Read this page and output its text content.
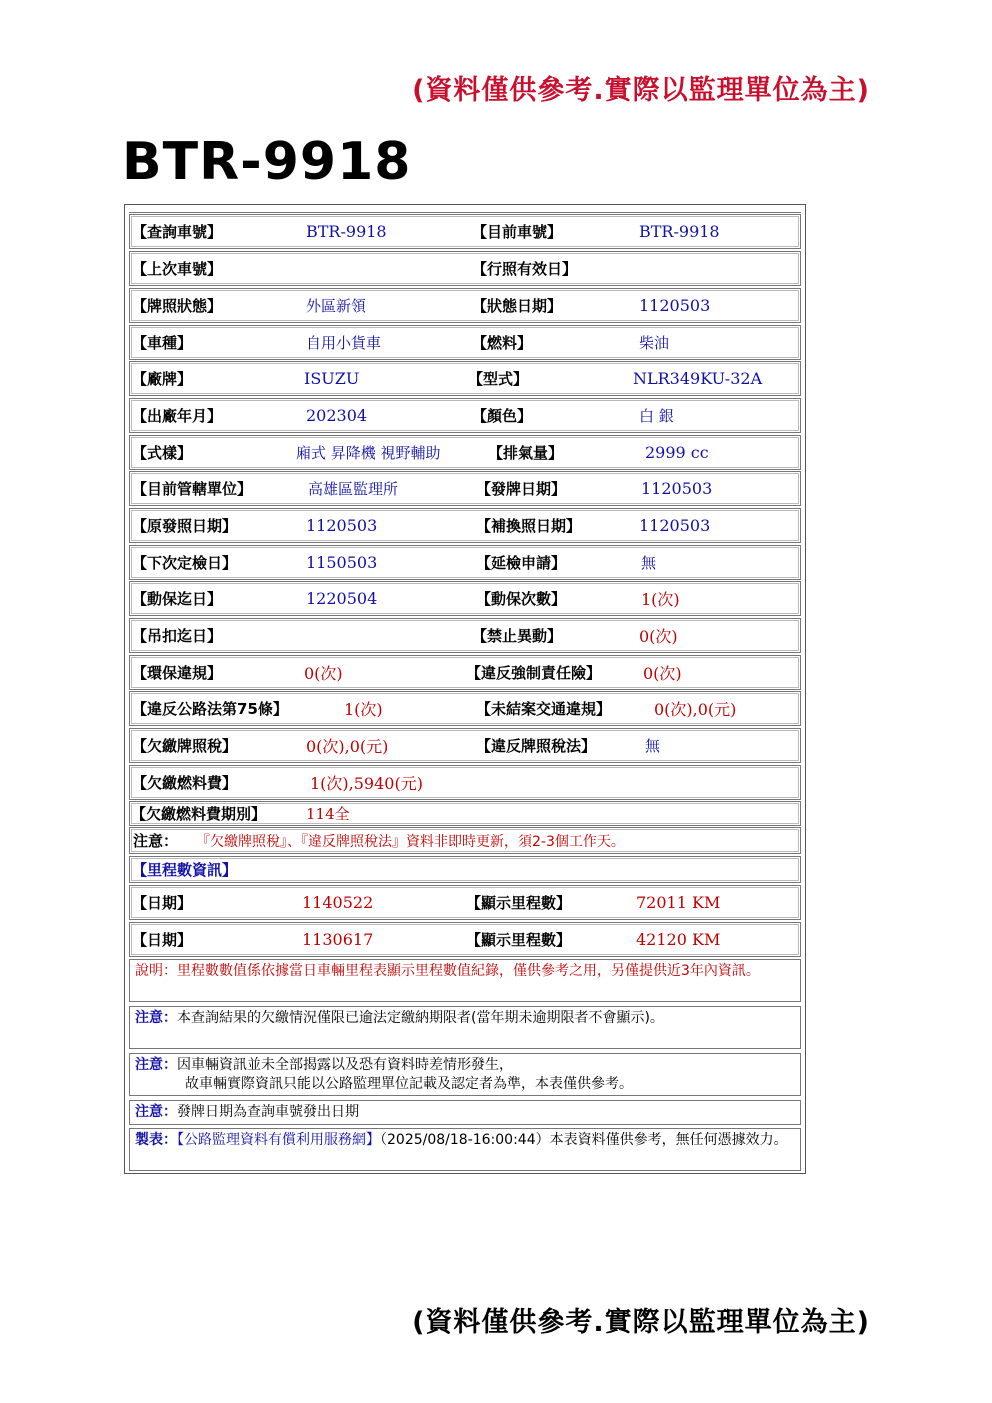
(資料僅供參考.實際以監理單位為主)
BTR-9918
【查詢車號】	BTR-9918	【目前車號】	BTR-9918
【上次車號】	【行照有效日】
【牌照狀態】	外區新領	【狀態日期】	1120503
【車種】	自用小貨車	【燃料】	柴油
【廠牌】	ISUZU	【型式】	NLR349KU-32A
【出廠年月】	202304	【顏色】	白 銀
【式樣】	廂式 昇降機 視野輔助	【排氣量】	2999 cc
【目前管轄單位】	高雄區監理所	【發牌日期】	1120503
【原發照日期】	1120503	【補換照日期】	1120503
【下次定檢日】	1150503	【延檢申請】	無
【動保迄日】	1220504	【動保次數】	1(次)
【吊扣迄日】	【禁止異動】	0(次)
【環保違規】	0(次)	【違反強制責任險】	0(次)
【違反公路法第75條】	1(次)	【未結案交通違規】	0(次),0(元)
【欠繳牌照稅】	0(次),0(元)	【違反牌照稅法】	無
【欠繳燃料費】	1(次),5940(元)
【欠繳燃料費期別】	114全
注意： 『欠繳牌照稅』、『違反牌照稅法』資料非即時更新，須2-3個工作天。
【里程數資訊】
【日期】	1140522	【顯示里程數】	72011 KM
【日期】	1130617	【顯示里程數】	42120 KM
說明：里程數數值係依據當日車輛里程表顯示里程數值紀錄，僅供參考之用，另僅提供近3年內資訊。
注意：本查詢結果的欠繳情況僅限已逾法定繳納期限者(當年期未逾期限者不會顯示)。
注意：因車輛資訊並未全部揭露以及恐有資料時差情形發生，
故車輛實際資訊只能以公路監理單位記載及認定者為準，本表僅供參考。
注意：發牌日期為查詢車號發出日期
製表：【公路監理資料有償利用服務網】（2025/08/18-16:00:44）本表資料僅供參考，無任何憑據效力。
(資料僅供參考.實際以監理單位為主)
